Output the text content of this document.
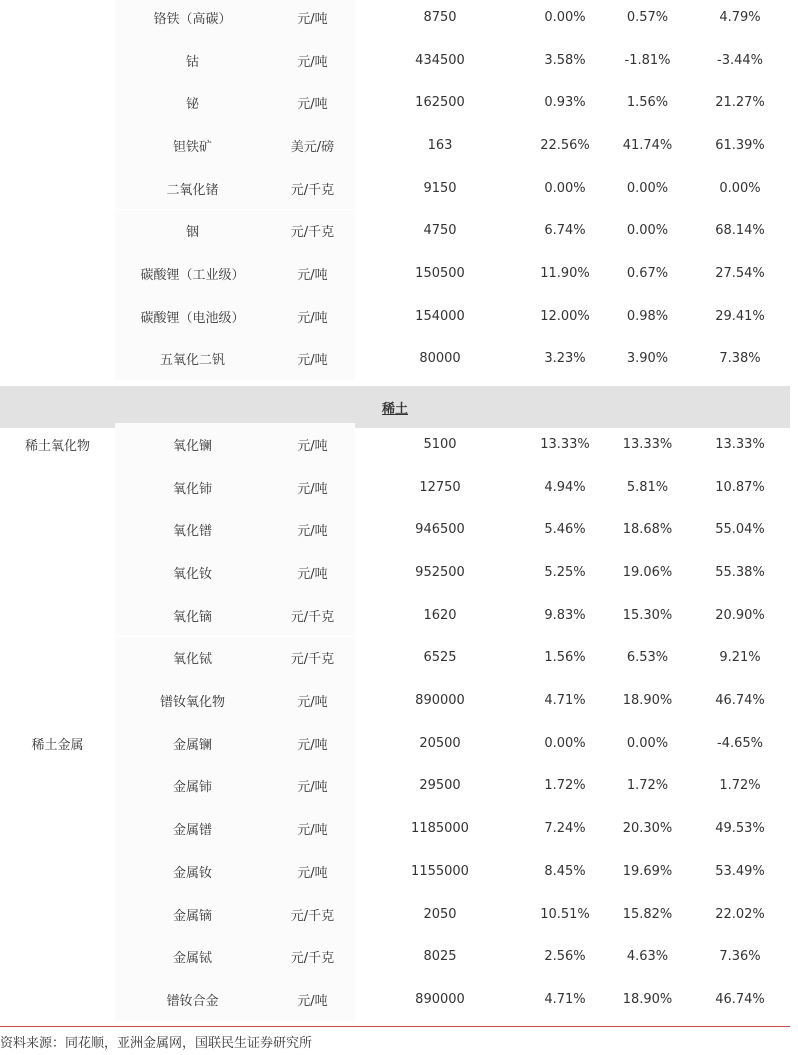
铬铁（高碳）	元/吨	8750	0.00%	0.57%	4.79%
钴	元/吨	434500	3.58%	-1.81%	-3.44%
铋	元/吨	162500	0.93%	1.56%	21.27%
钽铁矿	美元/磅	163	22.56%	41.74%	61.39%
二氧化锗	元/千克	9150	0.00%	0.00%	0.00%
铟	元/千克	4750	6.74%	0.00%	68.14%
碳酸锂（工业级）	元/吨	150500	11.90%	0.67%	27.54%
碳酸锂（电池级）	元/吨	154000	12.00%	0.98%	29.41%
五氧化二钒	元/吨	80000	3.23%	3.90%	7.38%
稀土
稀土氧化物	氧化镧	元/吨	5100	13.33%	13.33%	13.33%
氧化铈	元/吨	12750	4.94%	5.81%	10.87%
氧化镨	元/吨	946500	5.46%	18.68%	55.04%
氧化钕	元/吨	952500	5.25%	19.06%	55.38%
氧化镝	元/千克	1620	9.83%	15.30%	20.90%
氧化铽	元/千克	6525	1.56%	6.53%	9.21%
镨钕氧化物	元/吨	890000	4.71%	18.90%	46.74%
稀土金属	金属镧	元/吨	20500	0.00%	0.00%	-4.65%
金属铈	元/吨	29500	1.72%	1.72%	1.72%
金属镨	元/吨	1185000	7.24%	20.30%	49.53%
金属钕	元/吨	1155000	8.45%	19.69%	53.49%
金属镝	元/千克	2050	10.51%	15.82%	22.02%
金属铽	元/千克	8025	2.56%	4.63%	7.36%
镨钕合金	元/吨	890000	4.71%	18.90%	46.74%
资料来源：同花顺，亚洲金属网，国联民生证券研究所
